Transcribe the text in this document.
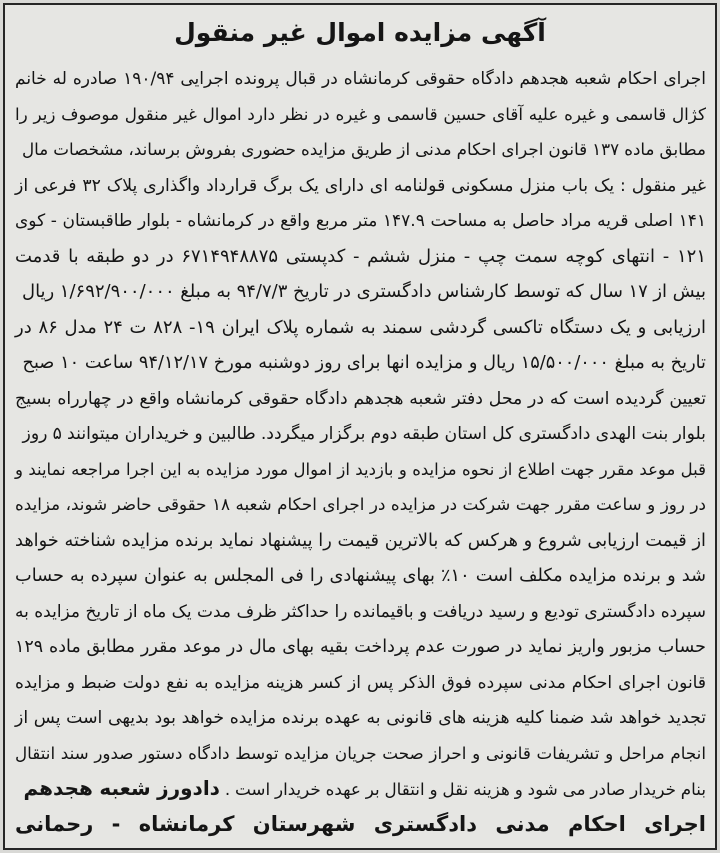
آگهی مزایده اموال غیر منقول
اجرای احکام شعبه هجدهم دادگاه حقوقی کرمانشاه در قبال پرونده اجرایی ۱۹۰/۹۴ صادره له خانم
کژال قاسمی و غیره علیه آقای حسین قاسمی و غیره در نظر دارد اموال غیر منقول موصوف زیر را
مطابق ماده ۱۳۷ قانون اجرای احکام مدنی از طریق مزایده حضوری بفروش برساند، مشخصات مال
غیر منقول : یک باب منزل مسکونی قولنامه ای دارای یک برگ قرارداد واگذاری پلاک ۳۲ فرعی از
۱۴۱ اصلی قریه مراد حاصل به مساحت ۱۴۷.۹ متر مربع واقع در کرمانشاه - بلوار طاقبستان - کوی
۱۲۱ - انتهای کوچه سمت چپ - منزل ششم - کدپستی ۶۷۱۴۹۴۸۸۷۵ در دو طبقه با قدمت
بیش از ۱۷ سال که توسط کارشناس دادگستری در تاریخ ۹۴/۷/۳ به مبلغ ۱/۶۹۲/۹۰۰/۰۰۰ ریال
ارزیابی و یک دستگاه تاکسی گردشی سمند به شماره پلاک ایران ۱۹- ۸۲۸ ت ۲۴ مدل ۸۶ در
تاریخ به مبلغ ۱۵/۵۰۰/۰۰۰ ریال و مزایده انها برای روز دوشنبه مورخ ۹۴/۱۲/۱۷ ساعت ۱۰ صبح
تعیین گردیده است که در محل دفتر شعبه هجدهم دادگاه حقوقی کرمانشاه واقع در چهارراه بسیج
بلوار بنت الهدی دادگستری کل استان طبقه دوم برگزار میگردد. طالبین و خریداران میتوانند ۵ روز
قبل موعد مقرر جهت اطلاع از نحوه مزایده و بازدید از اموال مورد مزایده به این اجرا مراجعه نمایند و
در روز و ساعت مقرر جهت شرکت در مزایده در اجرای احکام شعبه ۱۸ حقوقی حاضر شوند، مزایده
از قیمت ارزیابی شروع و هرکس که بالاترین قیمت را پیشنهاد نماید برنده مزایده شناخته خواهد
شد و برنده مزایده مکلف است ۱۰٪ بهای پیشنهادی را فی المجلس به عنوان سپرده به حساب
سپرده دادگستری تودیع و رسید دریافت و باقیمانده را حداکثر ظرف مدت یک ماه از تاریخ مزایده به
حساب مزبور واریز نماید در صورت عدم پرداخت بقیه بهای مال در موعد مقرر مطابق ماده ۱۲۹
قانون اجرای احکام مدنی سپرده فوق الذکر پس از کسر هزینه مزایده به نفع دولت ضبط و مزایده
تجدید خواهد شد ضمنا کلیه هزینه های قانونی به عهده برنده مزایده خواهد بود بدیهی است پس از
انجام مراحل و تشریفات قانونی و احراز صحت جریان مزایده توسط دادگاه دستور صدور سند انتقال
بنام خریدار صادر می شود و هزینه نقل و انتقال بر عهده خریدار است . دادورز شعبه هجدهم
اجرای احکام مدنی دادگستری شهرستان کرمانشاه - رحمانی
